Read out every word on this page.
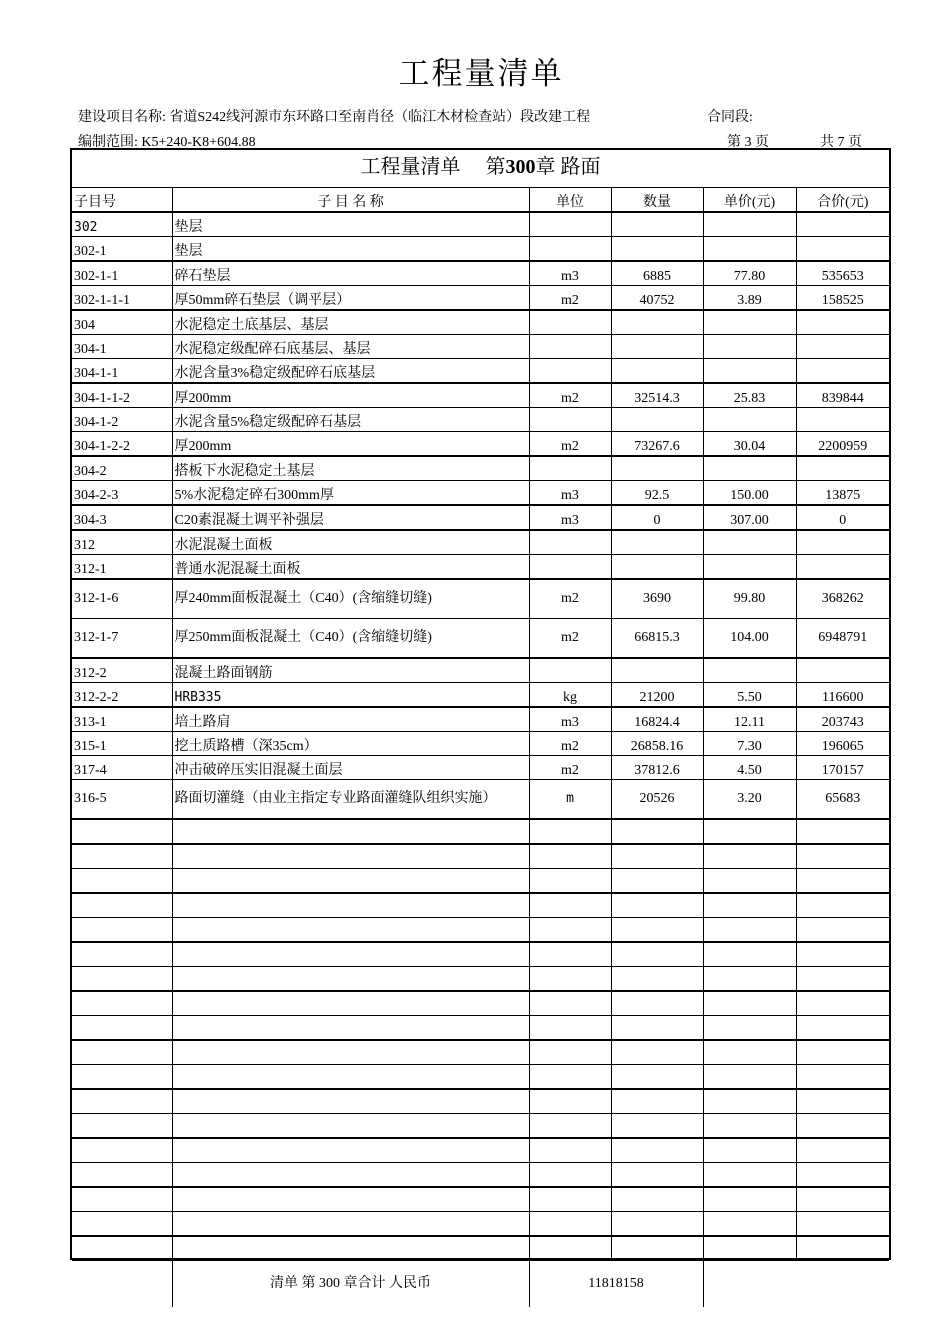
工程量清单
建设项目名称: 省道S242线河源市东环路口至南肖径（临江木材检查站）段改建工程	合同段:
编制范围: K5+240-K8+604.88	第 3 页	共 7 页
工程量清单　 第300章 路面
子目号	子 目 名 称	单位	数量	单价(元)	合价(元)
302	垫层				
302-1	垫层				
302-1-1	碎石垫层	m3	6885	77.80	535653
302-1-1-1	厚50mm碎石垫层（调平层）	m2	40752	3.89	158525
304	水泥稳定土底基层、基层				
304-1	水泥稳定级配碎石底基层、基层				
304-1-1	水泥含量3%稳定级配碎石底基层				
304-1-1-2	厚200mm	m2	32514.3	25.83	839844
304-1-2	水泥含量5%稳定级配碎石基层				
304-1-2-2	厚200mm	m2	73267.6	30.04	2200959
304-2	搭板下水泥稳定土基层				
304-2-3	5%水泥稳定碎石300mm厚	m3	92.5	150.00	13875
304-3	C20素混凝土调平补强层	m3	0	307.00	0
312	水泥混凝土面板				
312-1	普通水泥混凝土面板				
312-1-6	厚240mm面板混凝土（C40）(含缩缝切缝)	m2	3690	99.80	368262
312-1-7	厚250mm面板混凝土（C40）(含缩缝切缝)	m2	66815.3	104.00	6948791
312-2	混凝土路面钢筋				
312-2-2	HRB335	kg	21200	5.50	116600
313-1	培土路肩	m3	16824.4	12.11	203743
315-1	挖土质路槽（深35cm）	m2	26858.16	7.30	196065
317-4	冲击破碎压实旧混凝土面层	m2	37812.6	4.50	170157
316-5	路面切灌缝（由业主指定专业路面灌缝队组织实施）	m	20526	3.20	65683

	清单 第 300 章合计 人民币	11818158			
